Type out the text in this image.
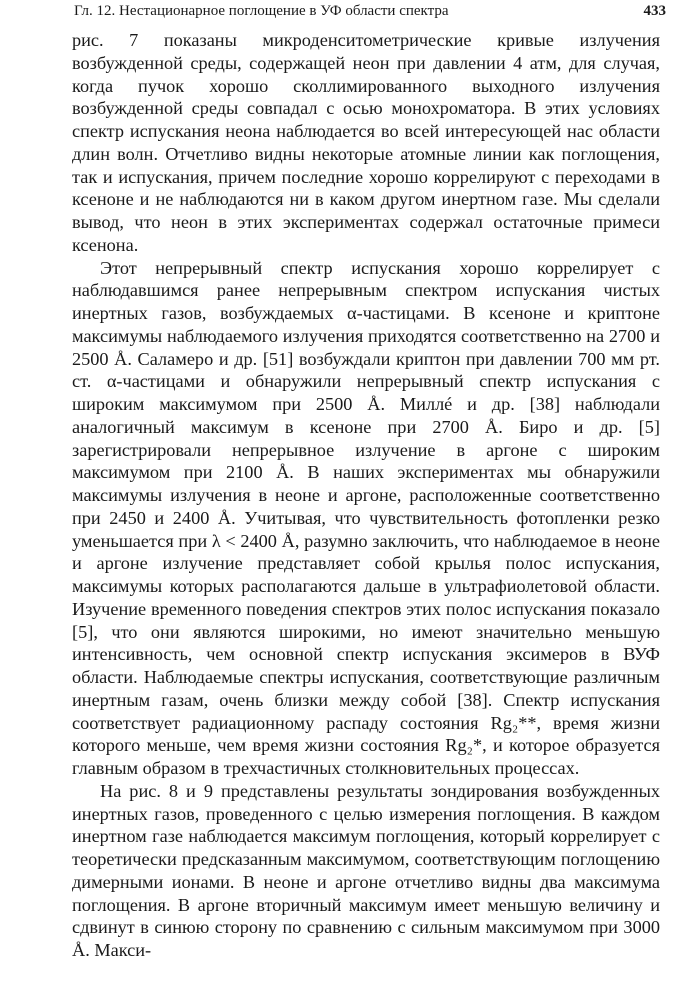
Гл. 12. Нестационарное поглощение в УФ области спектра	433

рис. 7 показаны микроденситометрические кривые излучения возбужденной среды, содержащей неон при давлении 4 атм, для случая, когда пучок хорошо сколлимированного выходного излучения возбужденной среды совпадал с осью монохроматора. В этих условиях спектр испускания неона наблюдается во всей интересующей нас области длин волн. Отчетливо видны некоторые атомные линии как поглощения, так и испускания, причем последние хорошо коррелируют с переходами в ксеноне и не наблюдаются ни в каком другом инертном газе. Мы сделали вывод, что неон в этих экспериментах содержал остаточные примеси ксенона.

Этот непрерывный спектр испускания хорошо коррелирует с наблюдавшимся ранее непрерывным спектром испускания чистых инертных газов, возбуждаемых α-частицами. В ксеноне и криптоне максимумы наблюдаемого излучения приходятся соответственно на 2700 и 2500 Å. Саламеро и др. [51] возбуждали криптон при давлении 700 мм рт. ст. α-частицами и обнаружили непрерывный спектр испускания с широким максимумом при 2500 Å. Миллé и др. [38] наблюдали аналогичный максимум в ксеноне при 2700 Å. Биро и др. [5] зарегистрировали непрерывное излучение в аргоне с широким максимумом при 2100 Å. В наших экспериментах мы обнаружили максимумы излучения в неоне и аргоне, расположенные соответственно при 2450 и 2400 Å. Учитывая, что чувствительность фотопленки резко уменьшается при λ < 2400 Å, разумно заключить, что наблюдаемое в неоне и аргоне излучение представляет собой крылья полос испускания, максимумы которых располагаются дальше в ультрафиолетовой области. Изучение временного поведения спектров этих полос испускания показало [5], что они являются широкими, но имеют значительно меньшую интенсивность, чем основной спектр испускания эксимеров в ВУФ области. Наблюдаемые спектры испускания, соответствующие различным инертным газам, очень близки между собой [38]. Спектр испускания соответствует радиационному распаду состояния Rg₂**, время жизни которого меньше, чем время жизни состояния Rg₂*, и которое образуется главным образом в трехчастичных столкновительных процессах.

На рис. 8 и 9 представлены результаты зондирования возбужденных инертных газов, проведенного с целью измерения поглощения. В каждом инертном газе наблюдается максимум поглощения, который коррелирует с теоретически предсказанным максимумом, соответствующим поглощению димерными ионами. В неоне и аргоне отчетливо видны два максимума поглощения. В аргоне вторичный максимум имеет меньшую величину и сдвинут в синюю сторону по сравнению с сильным максимумом при 3000 Å. Макси-
